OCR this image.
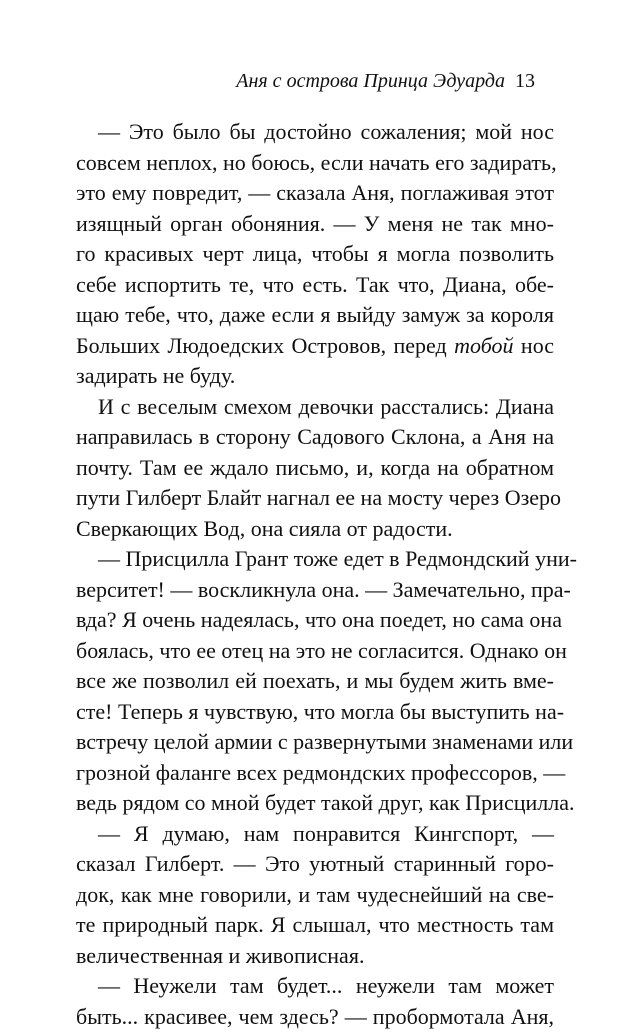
Аня с острова Принца Эдуарда 13
— Это было бы достойно сожаления; мой нос
совсем неплох, но боюсь, если начать его задирать,
это ему повредит, — сказала Аня, поглаживая этот
изящный орган обоняния. — У меня не так мно-
го красивых черт лица, чтобы я могла позволить
себе испортить те, что есть. Так что, Диана, обе-
щаю тебе, что, даже если я выйду замуж за короля
Больших Людоедских Островов, перед тобой нос
задирать не буду.
И с веселым смехом девочки расстались: Диана
направилась в сторону Садового Склона, а Аня на
почту. Там ее ждало письмо, и, когда на обратном
пути Гилберт Блайт нагнал ее на мосту через Озеро
Сверкающих Вод, она сияла от радости.
— Присцилла Грант тоже едет в Редмондский уни-
верситет! — воскликнула она. — Замечательно, пра-
вда? Я очень надеялась, что она поедет, но сама она
боялась, что ее отец на это не согласится. Однако он
все же позволил ей поехать, и мы будем жить вме-
сте! Теперь я чувствую, что могла бы выступить на-
встречу целой армии с развернутыми знаменами или
грозной фаланге всех редмондских профессоров, —
ведь рядом со мной будет такой друг, как Присцилла.
— Я думаю, нам понравится Кингспорт, —
сказал Гилберт. — Это уютный старинный горо-
док, как мне говорили, и там чудеснейший на све-
те природный парк. Я слышал, что местность там
величественная и живописная.
— Неужели там будет... неужели там может
быть... красивее, чем здесь? — пробормотала Аня,
